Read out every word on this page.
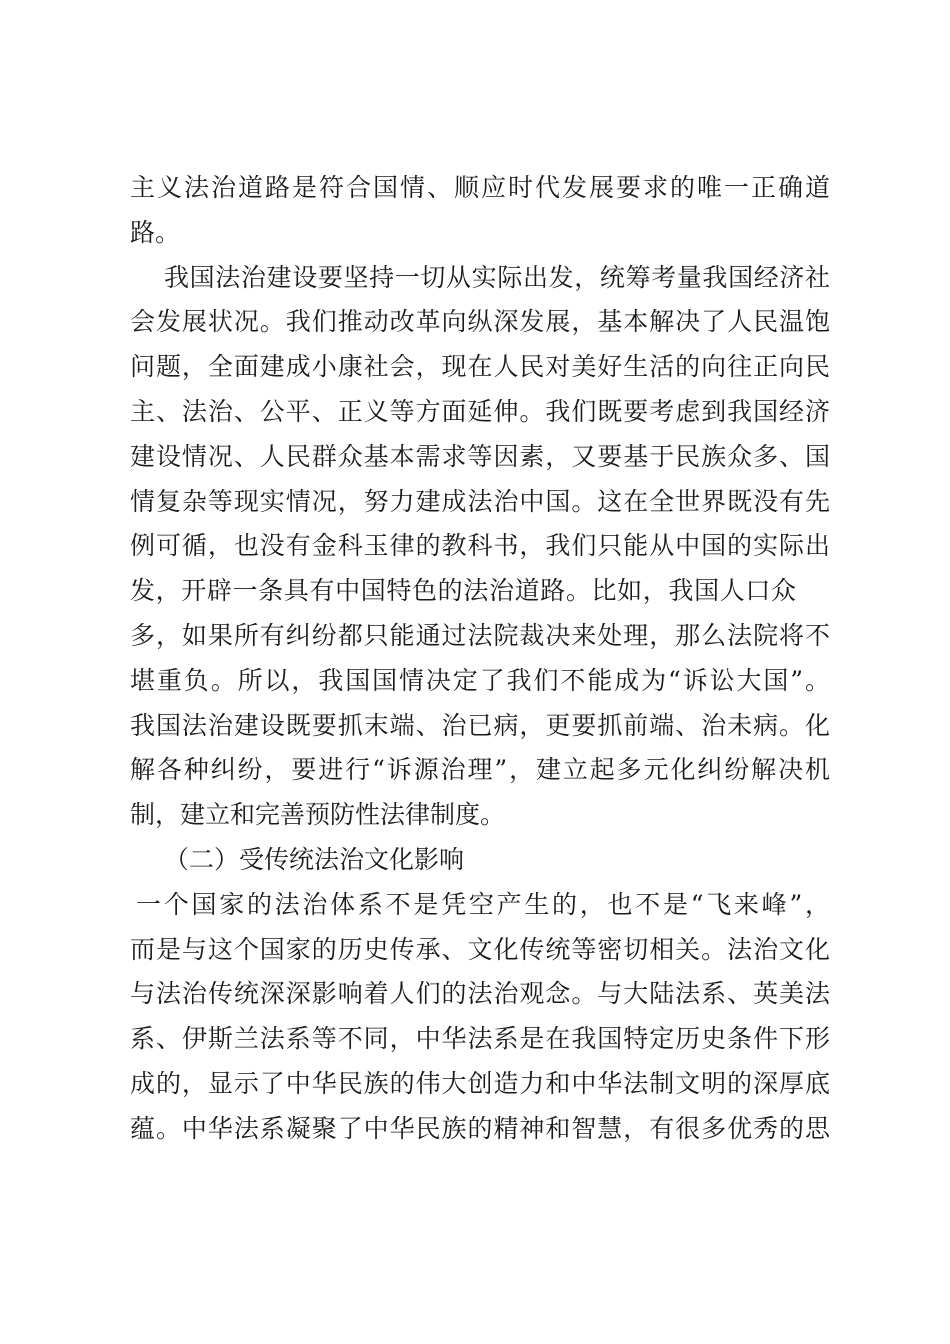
主义法治道路是符合国情、顺应时代发展要求的唯一正确道
路。
我国法治建设要坚持一切从实际出发，统筹考量我国经济社
会发展状况。我们推动改革向纵深发展，基本解决了人民温饱
问题，全面建成小康社会，现在人民对美好生活的向往正向民
主、法治、公平、正义等方面延伸。我们既要考虑到我国经济
建设情况、人民群众基本需求等因素，又要基于民族众多、国
情复杂等现实情况，努力建成法治中国。这在全世界既没有先
例可循，也没有金科玉律的教科书，我们只能从中国的实际出
发，开辟一条具有中国特色的法治道路。比如，我国人口众
多，如果所有纠纷都只能通过法院裁决来处理，那么法院将不
堪重负。所以，我国国情决定了我们不能成为“诉讼大国”。
我国法治建设既要抓末端、治已病，更要抓前端、治未病。化
解各种纠纷，要进行“诉源治理”，建立起多元化纠纷解决机
制，建立和完善预防性法律制度。
（二）受传统法治文化影响
一个国家的法治体系不是凭空产生的，也不是“飞来峰”，
而是与这个国家的历史传承、文化传统等密切相关。法治文化
与法治传统深深影响着人们的法治观念。与大陆法系、英美法
系、伊斯兰法系等不同，中华法系是在我国特定历史条件下形
成的，显示了中华民族的伟大创造力和中华法制文明的深厚底
蕴。中华法系凝聚了中华民族的精神和智慧，有很多优秀的思
